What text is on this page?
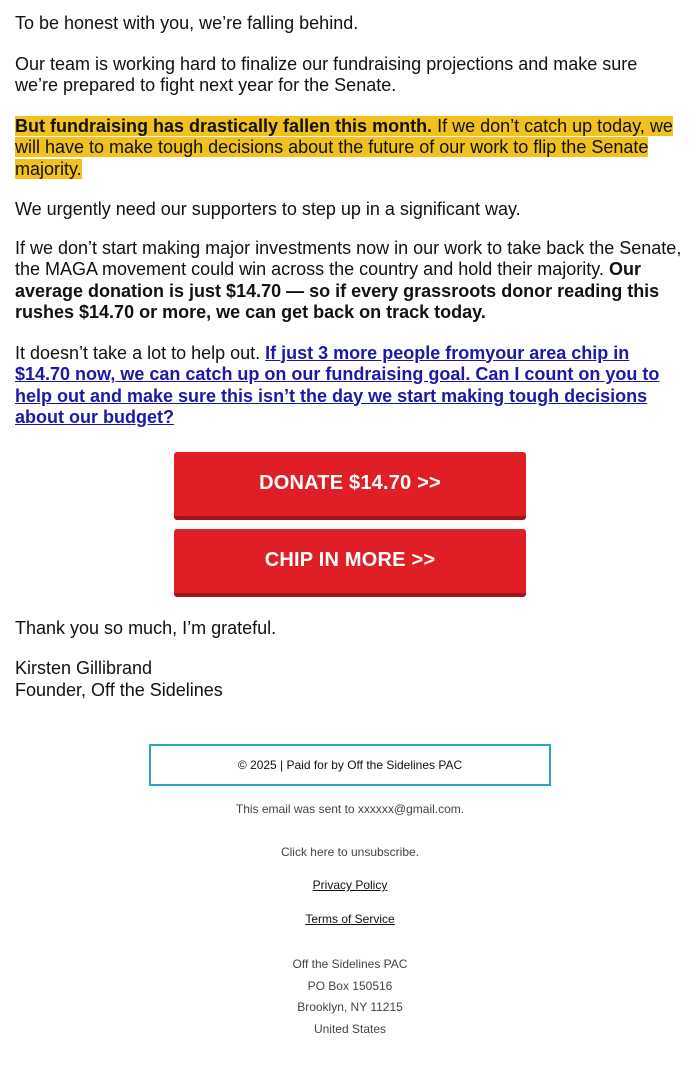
To be honest with you, we’re falling behind.

Our team is working hard to finalize our fundraising projections and make sure we’re prepared to fight next year for the Senate.

But fundraising has drastically fallen this month. If we don’t catch up today, we will have to make tough decisions about the future of our work to flip the Senate majority.

We urgently need our supporters to step up in a significant way.

If we don’t start making major investments now in our work to take back the Senate, the MAGA movement could win across the country and hold their majority. Our average donation is just $14.70 — so if every grassroots donor reading this rushes $14.70 or more, we can get back on track today.

It doesn’t take a lot to help out. If just 3 more people fromyour area chip in $14.70 now, we can catch up on our fundraising goal. Can I count on you to help out and make sure this isn’t the day we start making tough decisions about our budget?

DONATE $14.70 >>
CHIP IN MORE >>

Thank you so much, I’m grateful.

Kirsten Gillibrand
Founder, Off the Sidelines

© 2025 | Paid for by Off the Sidelines PAC
This email was sent to xxxxxx@gmail.com.
Click here to unsubscribe.
Privacy Policy
Terms of Service
Off the Sidelines PAC
PO Box 150516
Brooklyn, NY 11215
United States
